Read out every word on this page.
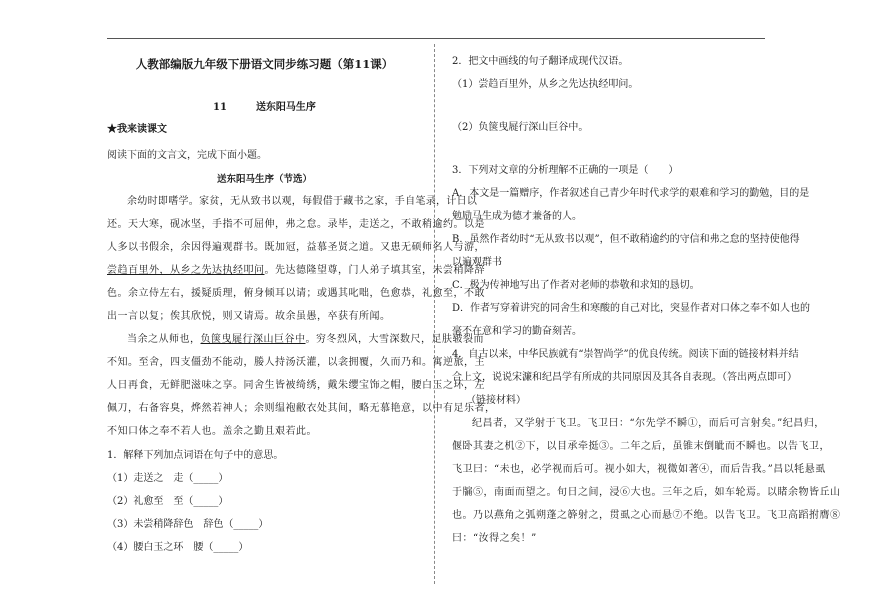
人教部编版九年级下册语文同步练习题（第11课）
11	送东阳马生序
★我来读课文
阅读下面的文言文，完成下面小题。
送东阳马生序（节选）
余幼时即嗜学。家贫，无从致书以观，每假借于藏书之家，手自笔录，计日以
还。天大寒，砚冰坚，手指不可屈伸，弗之怠。录毕，走送之，不敢稍逾约。以是
人多以书假余，余因得遍观群书。既加冠，益慕圣贤之道。又患无硕师名人与游，
尝趋百里外，从乡之先达执经叩问。先达德隆望尊，门人弟子填其室，未尝稍降辞
色。余立侍左右，援疑质理，俯身倾耳以请；或遇其叱咄，色愈恭，礼愈至，不敢
出一言以复；俟其欣悦，则又请焉。故余虽愚，卒获有所闻。
当余之从师也，负箧曳屣行深山巨谷中。穷冬烈风，大雪深数尺，足肤皲裂而
不知。至舍，四支僵劲不能动，媵人持汤沃灌，以衾拥覆，久而乃和。寓逆旅，主
人日再食，无鲜肥滋味之享。同舍生皆被绮绣，戴朱缨宝饰之帽，腰白玉之环，左
佩刀，右备容臭，烨然若神人；余则缊袍敝衣处其间，略无慕艳意，以中有足乐者，
不知口体之奉不若人也。盖余之勤且艰若此。
1．解释下列加点词语在句子中的意思。
（1）走送之　走（_____）
（2）礼愈至　至（_____）
（3）未尝稍降辞色　辞色（_____）
（4）腰白玉之环　腰（_____）
2．把文中画线的句子翻译成现代汉语。
（1）尝趋百里外，从乡之先达执经叩问。
（2）负箧曳屣行深山巨谷中。
3．下列对文章的分析理解不正确的一项是（　　）
A．本文是一篇赠序，作者叙述自己青少年时代求学的艰难和学习的勤勉，目的是
勉励马生成为德才兼备的人。
B．虽然作者幼时“无从致书以观”，但不敢稍逾约的守信和弗之怠的坚持使他得
以遍观群书
C．极为传神地写出了作者对老师的恭敬和求知的恳切。
D．作者写穿着讲究的同舍生和寒酸的自己对比，突显作者对口体之奉不如人也的
毫不在意和学习的勤奋刻苦。
4．自古以来，中华民族就有“崇智尚学”的优良传统。阅读下面的链接材料并结
合上文，说说宋濂和纪昌学有所成的共同原因及其各自表现。（答出两点即可）
（链接材料）
纪昌者，又学射于飞卫。飞卫曰：“尔先学不瞬①，而后可言射矣。”纪昌归，
偃卧其妻之机②下，以目承牵挺③。二年之后，虽锥末倒眦而不瞬也。以告飞卫，
飞卫曰：“未也，必学视而后可。视小如大，视微如著④，而后告我。”昌以牦悬虱
于牖⑤，南面而望之。旬日之间，浸⑥大也。三年之后，如车轮焉。以睹余物皆丘山
也。乃以燕角之弧朔蓬之簳射之，贯虱之心而悬⑦不绝。以告飞卫。飞卫高蹈拊膺⑧
曰：“汝得之矣！”
